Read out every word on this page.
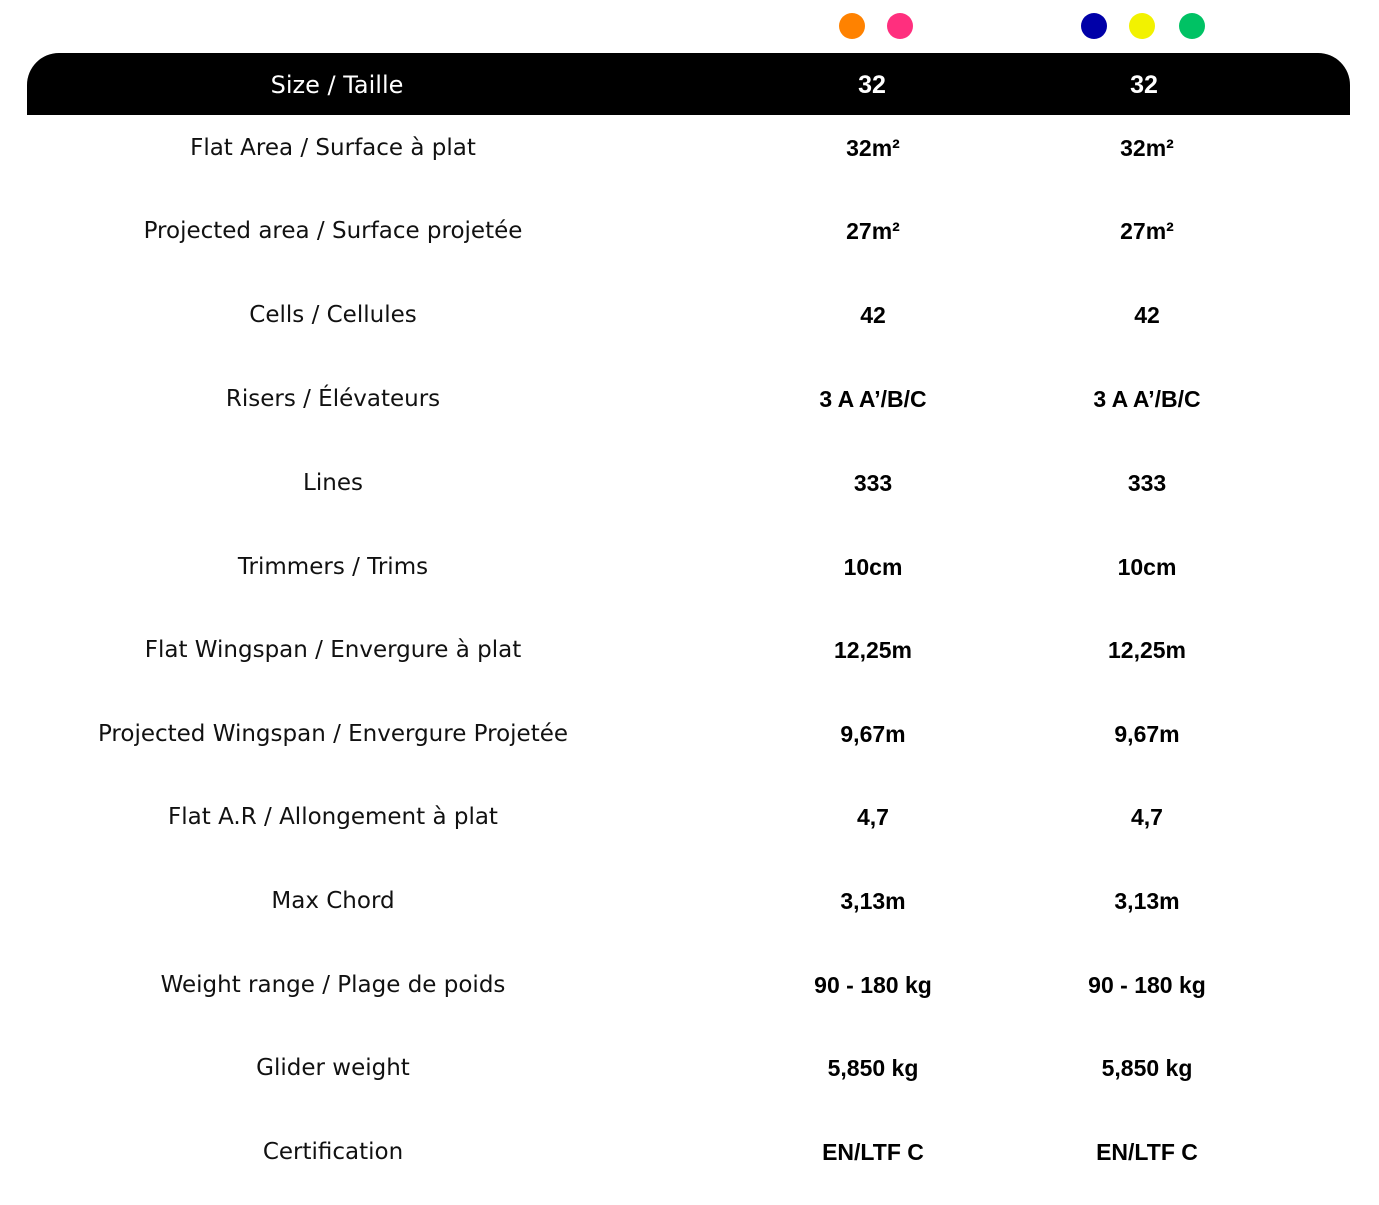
Size / Taille	32	32
Flat Area / Surface à plat	32m²	32m²
Projected area / Surface projetée	27m²	27m²
Cells / Cellules	42	42
Risers / Élévateurs	3 A A’/B/C	3 A A’/B/C
Lines	333	333
Trimmers / Trims	10cm	10cm
Flat Wingspan / Envergure à plat	12,25m	12,25m
Projected Wingspan / Envergure Projetée	9,67m	9,67m
Flat A.R / Allongement à plat	4,7	4,7
Max Chord	3,13m	3,13m
Weight range / Plage de poids	90 - 180 kg	90 - 180 kg
Glider weight	5,850 kg	5,850 kg
Certification	EN/LTF C	EN/LTF C
